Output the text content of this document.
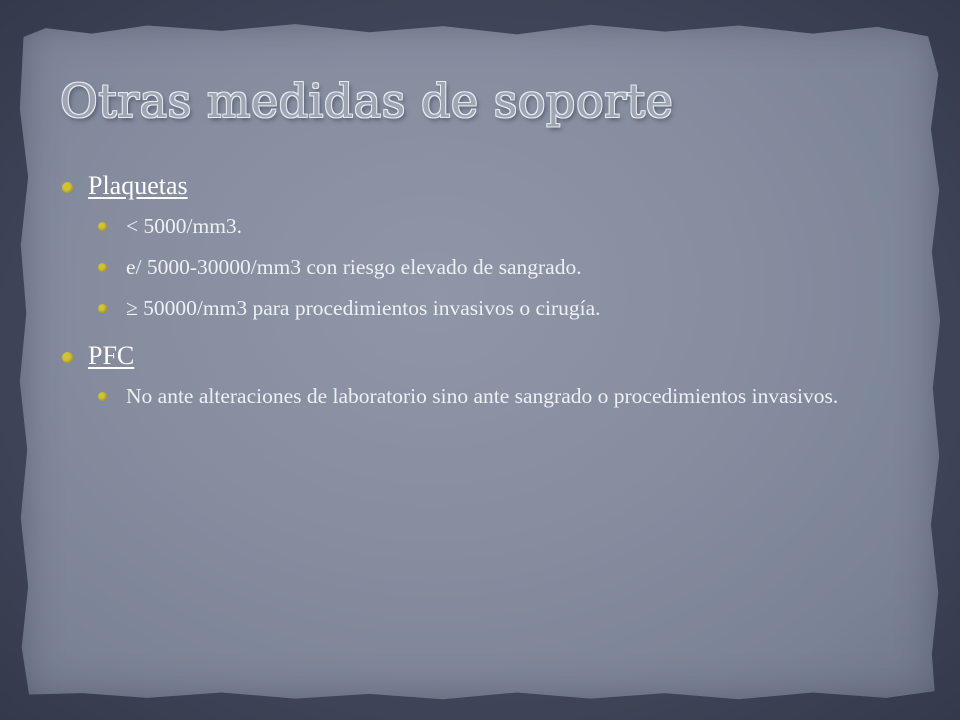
Otras medidas de soporte
Plaquetas
< 5000/mm3.
e/ 5000-30000/mm3 con riesgo elevado de sangrado.
≥ 50000/mm3 para procedimientos invasivos o cirugía.
PFC
No ante alteraciones de laboratorio sino ante sangrado o procedimientos invasivos.
